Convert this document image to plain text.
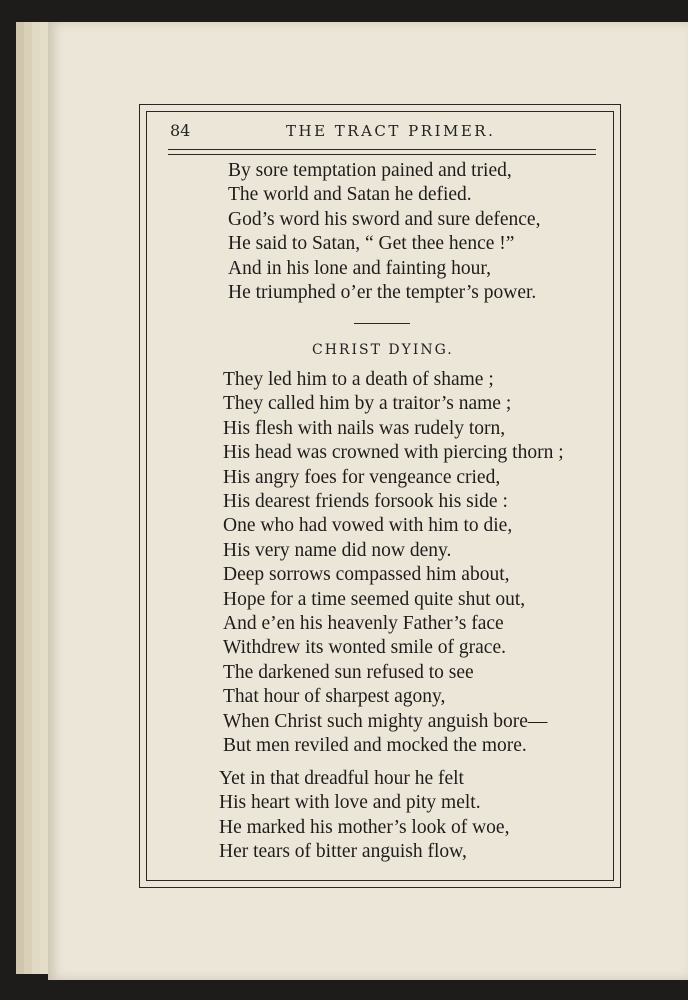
84	THE TRACT PRIMER.
By sore temptation pained and tried,
The world and Satan he defied.
God’s word his sword and sure defence,
He said to Satan, “ Get thee hence !”
And in his lone and fainting hour,
He triumphed o’er the tempter’s power.
CHRIST DYING.
They led him to a death of shame ;
They called him by a traitor’s name ;
His flesh with nails was rudely torn,
His head was crowned with piercing thorn ;
His angry foes for vengeance cried,
His dearest friends forsook his side :
One who had vowed with him to die,
His very name did now deny.
Deep sorrows compassed him about,
Hope for a time seemed quite shut out,
And e’en his heavenly Father’s face
Withdrew its wonted smile of grace.
The darkened sun refused to see
That hour of sharpest agony,
When Christ such mighty anguish bore—
But men reviled and mocked the more.
Yet in that dreadful hour he felt
His heart with love and pity melt.
He marked his mother’s look of woe,
Her tears of bitter anguish flow,
